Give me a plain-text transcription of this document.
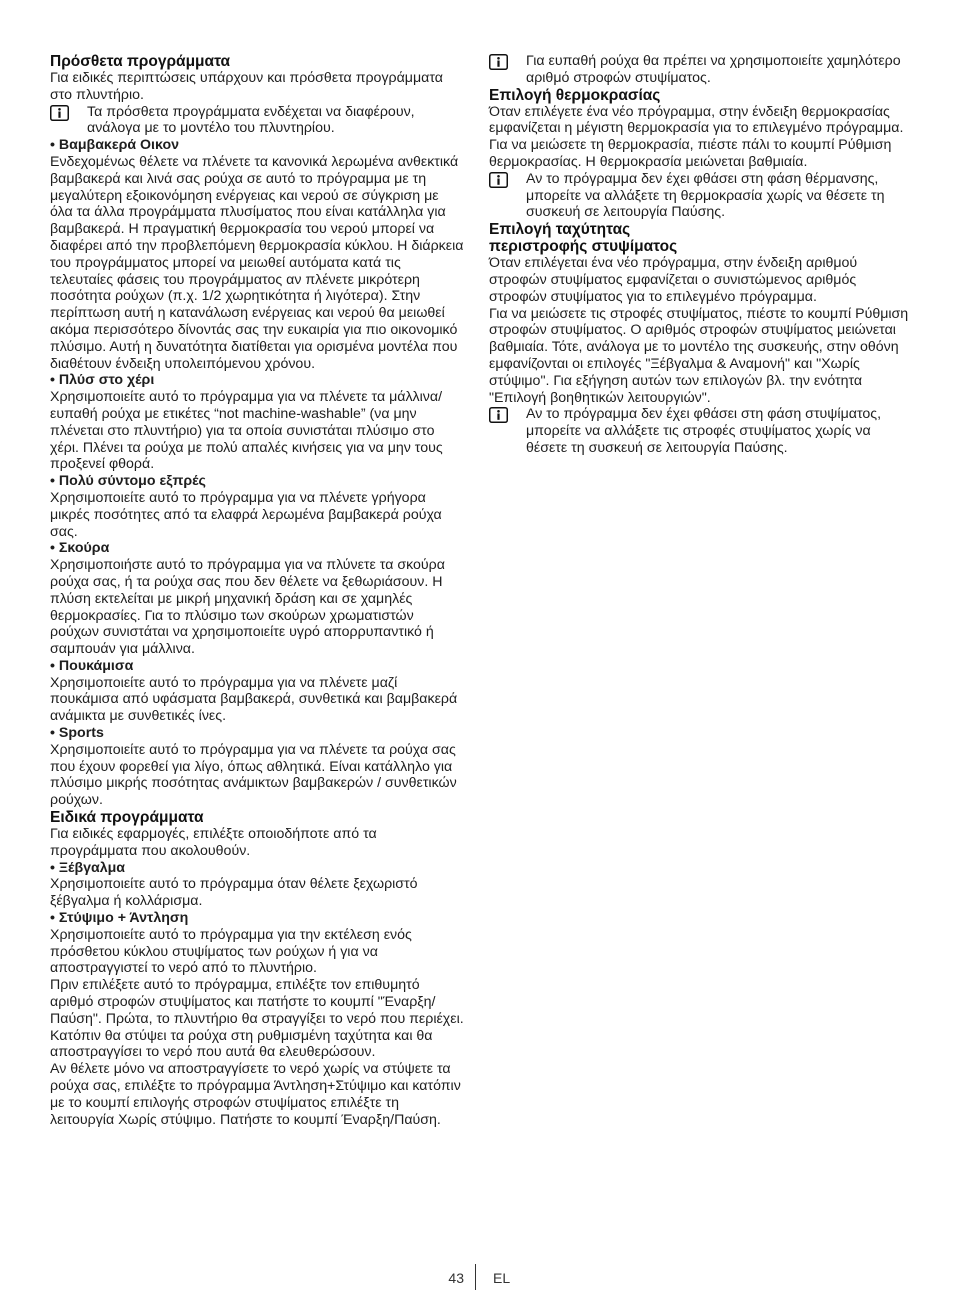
Πρόσθετα προγράμματα

Για ειδικές περιπτώσεις υπάρχουν και πρόσθετα προγράμματα στο πλυντήριο.

Τα πρόσθετα προγράμματα ενδέχεται να διαφέρουν, ανάλογα με το μοντέλο του πλυντηρίου.

• Βαμβακερά Οικον

Ενδεχομένως θέλετε να πλένετε τα κανονικά λερωμένα ανθεκτικά βαμβακερά και λινά σας ρούχα σε αυτό το πρόγραμμα με τη μεγαλύτερη εξοικονόμηση ενέργειας και νερού σε σύγκριση με όλα τα άλλα προγράμματα πλυσίματος που είναι κατάλληλα για βαμβακερά. Η πραγματική θερμοκρασία του νερού μπορεί να διαφέρει από την προβλεπόμενη θερμοκρασία κύκλου. Η διάρκεια του προγράμματος μπορεί να μειωθεί αυτόματα κατά τις τελευταίες φάσεις του προγράμματος αν πλένετε μικρότερη ποσότητα ρούχων (π.χ. 1/2 χωρητικότητα ή λιγότερα). Στην περίπτωση αυτή η κατανάλωση ενέργειας και νερού θα μειωθεί ακόμα περισσότερο δίνοντάς σας την ευκαιρία για πιο οικονομικό πλύσιμο. Αυτή η δυνατότητα διατίθεται για ορισμένα μοντέλα που διαθέτουν ένδειξη υπολειπόμενου χρόνου.

• Πλύσ στο χέρι

Χρησιμοποιείτε αυτό το πρόγραμμα για να πλένετε τα μάλλινα/ευπαθή ρούχα με ετικέτες “not machine-washable” (να μην πλένεται στο πλυντήριο) για τα οποία συνιστάται πλύσιμο στο χέρι. Πλένει τα ρούχα με πολύ απαλές κινήσεις για να μην τους προξενεί φθορά.

• Πολύ σύντομο εξπρές

Χρησιμοποιείτε αυτό το πρόγραμμα για να πλένετε γρήγορα μικρές ποσότητες από τα ελαφρά λερωμένα βαμβακερά ρούχα σας.

• Σκούρα

Χρησιμοποιήστε αυτό το πρόγραμμα για να πλύνετε τα σκούρα ρούχα σας, ή τα ρούχα σας που δεν θέλετε να ξεθωριάσουν. Η πλύση εκτελείται με μικρή μηχανική δράση και σε χαμηλές θερμοκρασίες. Για το πλύσιμο των σκούρων χρωματιστών ρούχων συνιστάται να χρησιμοποιείτε υγρό απορρυπαντικό ή σαμπουάν για μάλλινα.

• Πουκάμισα

Χρησιμοποιείτε αυτό το πρόγραμμα για να πλένετε μαζί πουκάμισα από υφάσματα βαμβακερά, συνθετικά και βαμβακερά ανάμικτα με συνθετικές ίνες.

• Sports

Χρησιμοποιείτε αυτό το πρόγραμμα για να πλένετε τα ρούχα σας που έχουν φορεθεί για λίγο, όπως αθλητικά. Είναι κατάλληλο για πλύσιμο μικρής ποσότητας ανάμικτων βαμβακερών / συνθετικών ρούχων.

Ειδικά προγράμματα

Για ειδικές εφαρμογές, επιλέξτε οποιοδήποτε από τα προγράμματα που ακολουθούν.

• Ξέβγαλμα

Χρησιμοποιείτε αυτό το πρόγραμμα όταν θέλετε ξεχωριστό ξέβγαλμα ή κολλάρισμα.

• Στύψιμο + Άντληση

Χρησιμοποιείτε αυτό το πρόγραμμα για την εκτέλεση ενός πρόσθετου κύκλου στυψίματος των ρούχων ή για να αποστραγγιστεί το νερό από το πλυντήριο.

Πριν επιλέξετε αυτό το πρόγραμμα, επιλέξτε τον επιθυμητό αριθμό στροφών στυψίματος και πατήστε το κουμπί "Έναρξη/Παύση". Πρώτα, το πλυντήριο θα στραγγίξει το νερό που περιέχει. Κατόπιν θα στύψει τα ρούχα στη ρυθμισμένη ταχύτητα και θα αποστραγγίσει το νερό που αυτά θα ελευθερώσουν.

Αν θέλετε μόνο να αποστραγγίσετε το νερό χωρίς να στύψετε τα ρούχα σας, επιλέξτε το πρόγραμμα Άντληση+Στύψιμο και κατόπιν με το κουμπί επιλογής στροφών στυψίματος επιλέξτε τη λειτουργία Χωρίς στύψιμο. Πατήστε το κουμπί Έναρξη/Παύση.

Για ευπαθή ρούχα θα πρέπει να χρησιμοποιείτε χαμηλότερο αριθμό στροφών στυψίματος.

Επιλογή θερμοκρασίας

Όταν επιλέγετε ένα νέο πρόγραμμα, στην ένδειξη θερμοκρασίας εμφανίζεται η μέγιστη θερμοκρασία για το επιλεγμένο πρόγραμμα.

Για να μειώσετε τη θερμοκρασία, πιέστε πάλι το κουμπί Ρύθμιση θερμοκρασίας. Η θερμοκρασία μειώνεται βαθμιαία.

Αν το πρόγραμμα δεν έχει φθάσει στη φάση θέρμανσης, μπορείτε να αλλάξετε τη θερμοκρασία χωρίς να θέσετε τη συσκευή σε λειτουργία Παύσης.

Επιλογή ταχύτητας
περιστροφής στυψίματος

Όταν επιλέγεται ένα νέο πρόγραμμα, στην ένδειξη αριθμού στροφών στυψίματος εμφανίζεται ο συνιστώμενος αριθμός στροφών στυψίματος για το επιλεγμένο πρόγραμμα.

Για να μειώσετε τις στροφές στυψίματος, πιέστε το κουμπί Ρύθμιση στροφών στυψίματος. Ο αριθμός στροφών στυψίματος μειώνεται βαθμιαία. Τότε, ανάλογα με το μοντέλο της συσκευής, στην οθόνη εμφανίζονται οι επιλογές "Ξέβγαλμα & Αναμονή" και "Χωρίς στύψιμο". Για εξήγηση αυτών των επιλογών βλ. την ενότητα "Επιλογή βοηθητικών λειτουργιών".

Αν το πρόγραμμα δεν έχει φθάσει στη φάση στυψίματος, μπορείτε να αλλάξετε τις στροφές στυψίματος χωρίς να θέσετε τη συσκευή σε λειτουργία Παύσης.

43 EL
